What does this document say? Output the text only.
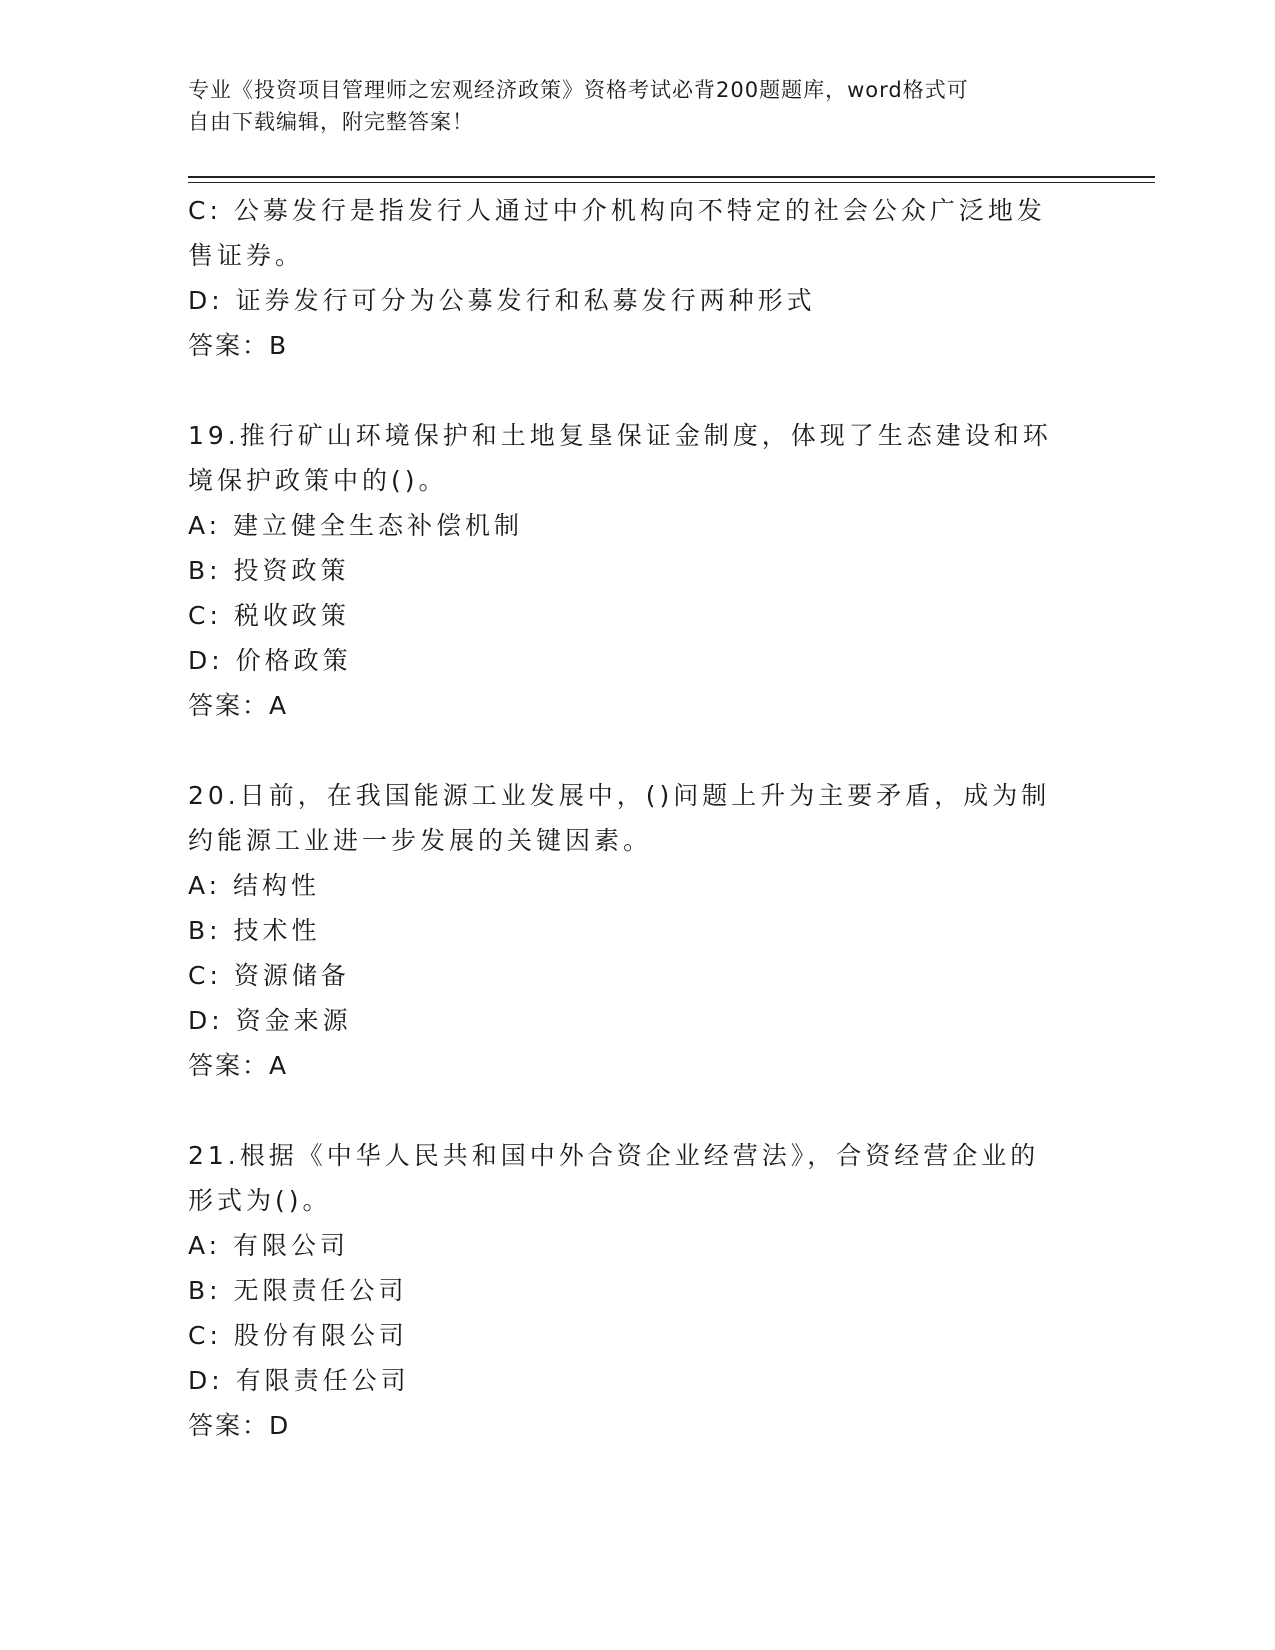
专业《投资项目管理师之宏观经济政策》资格考试必背200题题库，word格式可
自由下载编辑，附完整答案！

C: 公募发行是指发行人通过中介机构向不特定的社会公众广泛地发售证券。

D: 证券发行可分为公募发行和私募发行两种形式

答案：B

19.推行矿山环境保护和土地复垦保证金制度，体现了生态建设和环境保护政策中的()。

A: 建立健全生态补偿机制

B: 投资政策

C: 税收政策

D: 价格政策

答案：A

20.日前，在我国能源工业发展中，()问题上升为主要矛盾，成为制约能源工业进一步发展的关键因素。

A: 结构性

B: 技术性

C: 资源储备

D: 资金来源

答案：A

21.根据《中华人民共和国中外合资企业经营法》，合资经营企业的形式为()。

A: 有限公司

B: 无限责任公司

C: 股份有限公司

D: 有限责任公司

答案：D
